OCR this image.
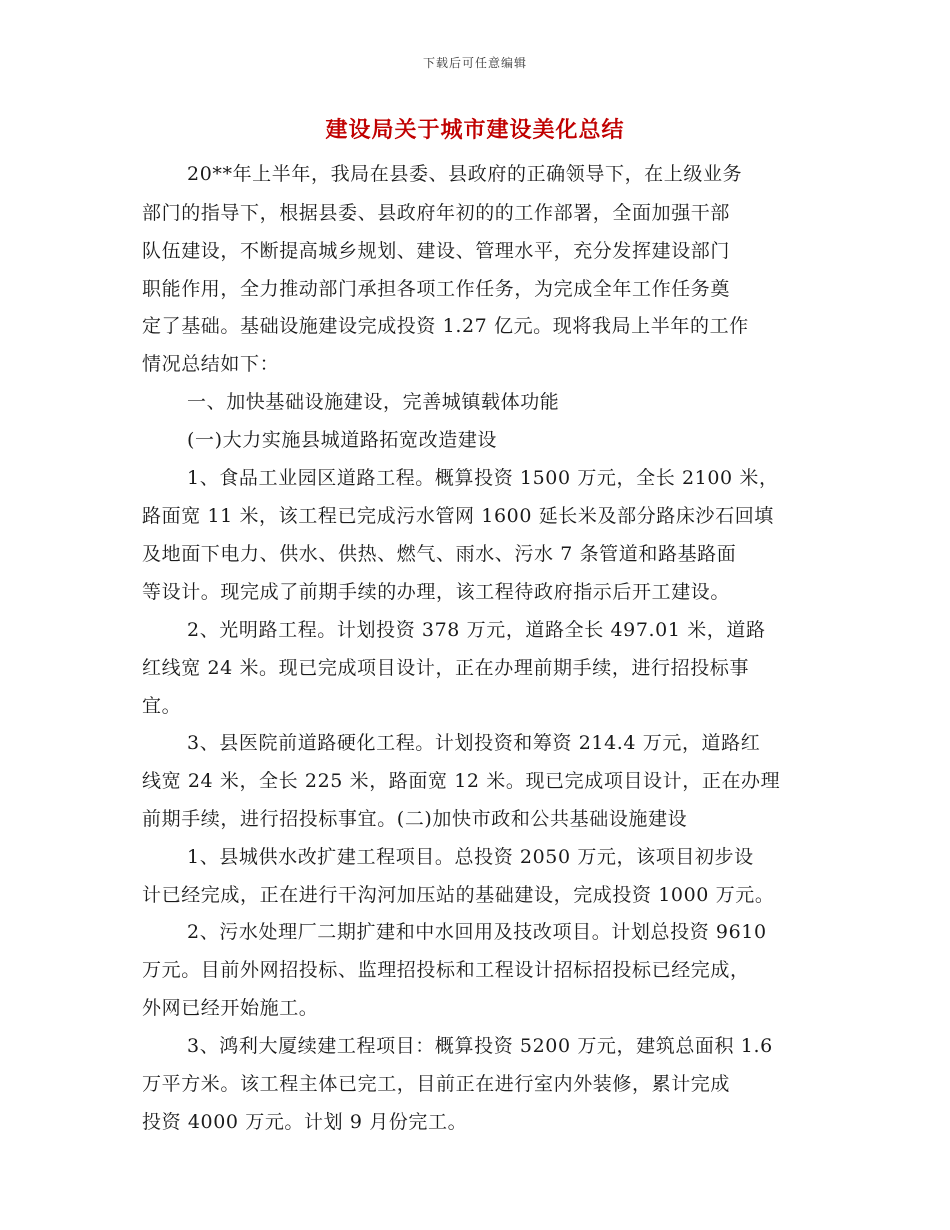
下载后可任意编辑
建设局关于城市建设美化总结
20**年上半年，我局在县委、县政府的正确领导下，在上级业务
部门的指导下，根据县委、县政府年初的的工作部署，全面加强干部
队伍建设，不断提高城乡规划、建设、管理水平，充分发挥建设部门
职能作用，全力推动部门承担各项工作任务，为完成全年工作任务奠
定了基础。基础设施建设完成投资 1.27 亿元。现将我局上半年的工作
情况总结如下：
一、加快基础设施建设，完善城镇载体功能
(一)大力实施县城道路拓宽改造建设
1、食品工业园区道路工程。概算投资 1500 万元，全长 2100 米，
路面宽 11 米，该工程已完成污水管网 1600 延长米及部分路床沙石回填
及地面下电力、供水、供热、燃气、雨水、污水 7 条管道和路基路面
等设计。现完成了前期手续的办理，该工程待政府指示后开工建设。
2、光明路工程。计划投资 378 万元，道路全长 497.01 米，道路
红线宽 24 米。现已完成项目设计，正在办理前期手续，进行招投标事
宜。
3、县医院前道路硬化工程。计划投资和筹资 214.4 万元，道路红
线宽 24 米，全长 225 米，路面宽 12 米。现已完成项目设计，正在办理
前期手续，进行招投标事宜。(二)加快市政和公共基础设施建设
1、县城供水改扩建工程项目。总投资 2050 万元，该项目初步设
计已经完成，正在进行干沟河加压站的基础建设，完成投资 1000 万元。
2、污水处理厂二期扩建和中水回用及技改项目。计划总投资 9610
万元。目前外网招投标、监理招投标和工程设计招标招投标已经完成，
外网已经开始施工。
3、鸿利大厦续建工程项目：概算投资 5200 万元，建筑总面积 1.6
万平方米。该工程主体已完工，目前正在进行室内外装修，累计完成
投资 4000 万元。计划 9 月份完工。
